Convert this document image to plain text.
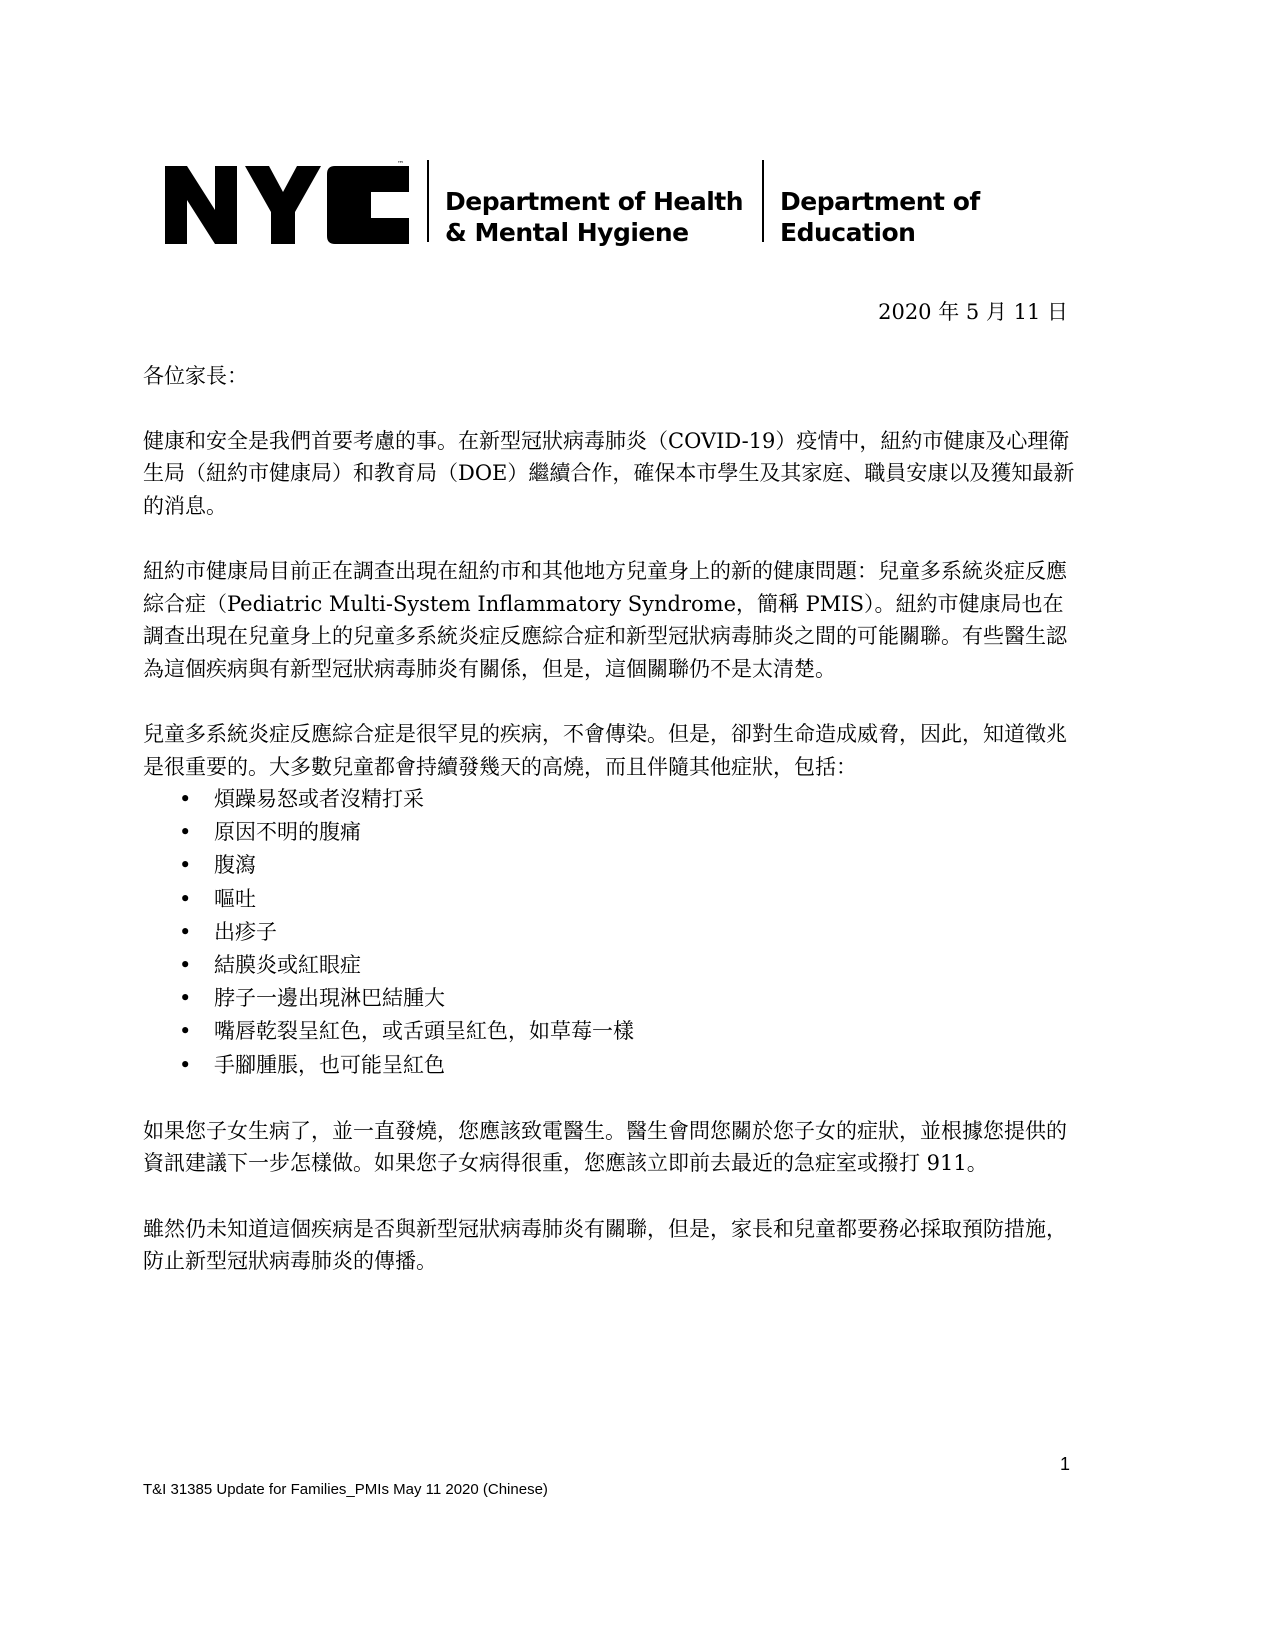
™
Department of Health
& Mental Hygiene
Department of
Education
2020 年 5 月 11 日

各位家長：

健康和安全是我們首要考慮的事。在新型冠狀病毒肺炎（COVID-19）疫情中，紐約市健康及心理衛生局（紐約市健康局）和教育局（DOE）繼續合作，確保本市學生及其家庭、職員安康以及獲知最新的消息。

紐約市健康局目前正在調查出現在紐約市和其他地方兒童身上的新的健康問題：兒童多系統炎症反應綜合症（Pediatric Multi-System Inflammatory Syndrome，簡稱 PMIS）。紐約市健康局也在調查出現在兒童身上的兒童多系統炎症反應綜合症和新型冠狀病毒肺炎之間的可能關聯。有些醫生認為這個疾病與有新型冠狀病毒肺炎有關係，但是，這個關聯仍不是太清楚。

兒童多系統炎症反應綜合症是很罕見的疾病，不會傳染。但是，卻對生命造成威脅，因此，知道徵兆是很重要的。大多數兒童都會持續發幾天的高燒，而且伴隨其他症狀，包括：

• 煩躁易怒或者沒精打采
• 原因不明的腹痛
• 腹瀉
• 嘔吐
• 出疹子
• 結膜炎或紅眼症
• 脖子一邊出現淋巴結腫大
• 嘴唇乾裂呈紅色，或舌頭呈紅色，如草莓一樣
• 手腳腫脹，也可能呈紅色

如果您子女生病了，並一直發燒，您應該致電醫生。醫生會問您關於您子女的症狀，並根據您提供的資訊建議下一步怎樣做。如果您子女病得很重，您應該立即前去最近的急症室或撥打 911。

雖然仍未知道這個疾病是否與新型冠狀病毒肺炎有關聯，但是，家長和兒童都要務必採取預防措施，防止新型冠狀病毒肺炎的傳播。

1
T&I 31385 Update for Families_PMIs May 11 2020 (Chinese)
